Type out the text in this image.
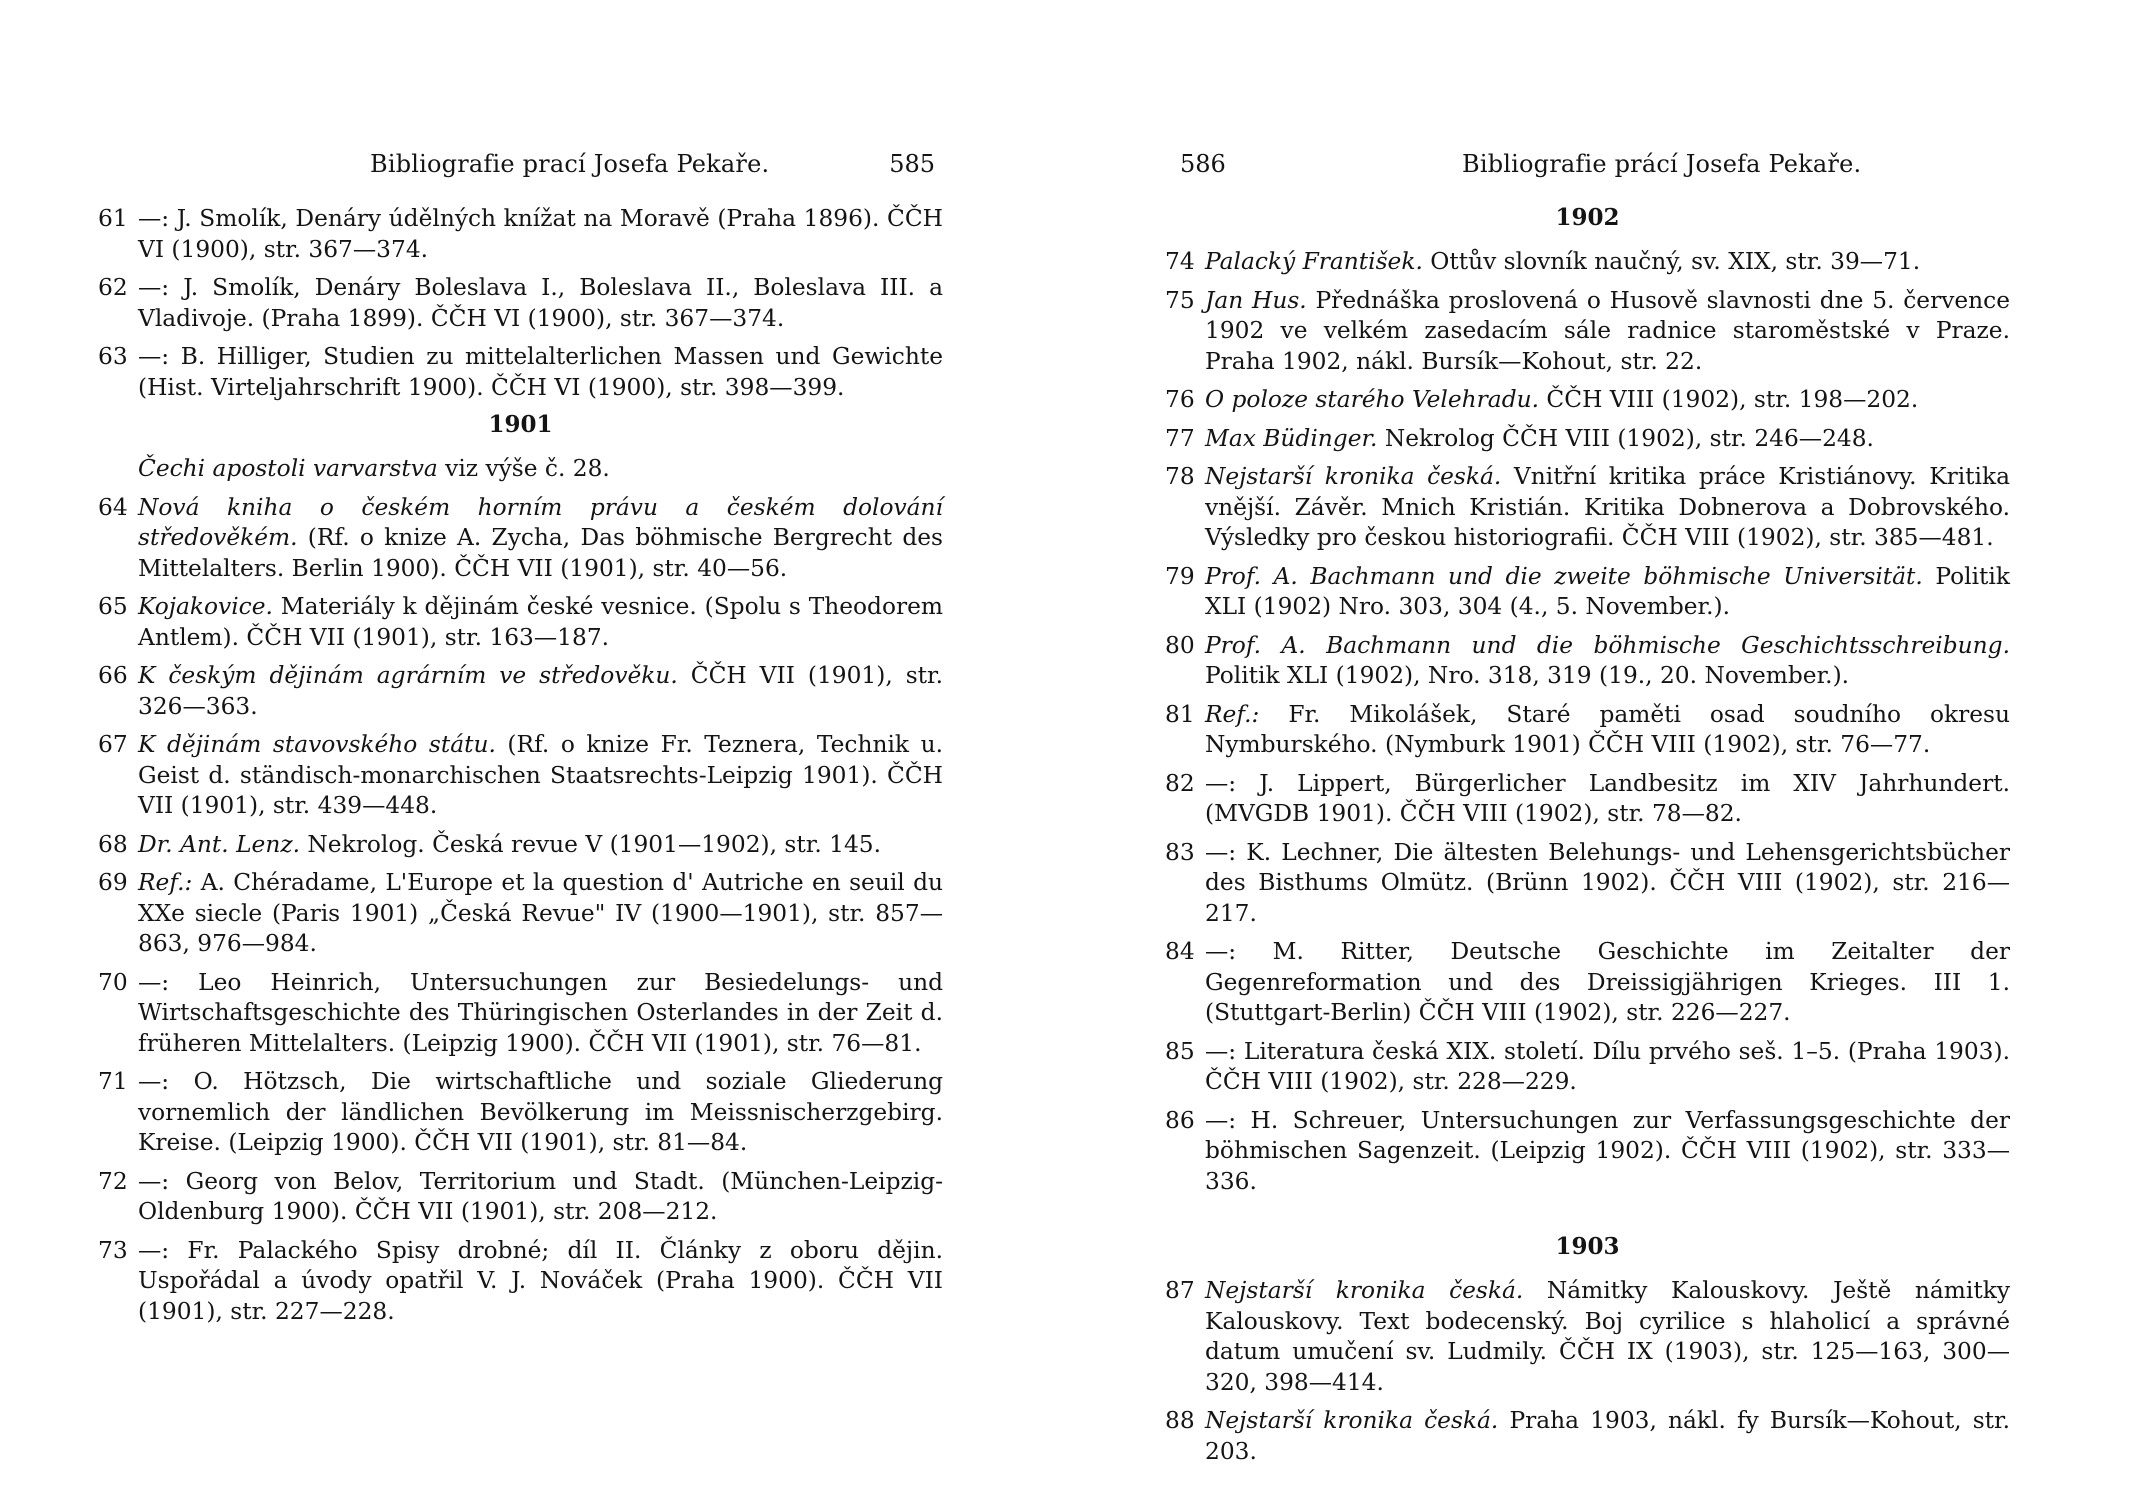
Bibliografie prací Josefa Pekaře.	585
61 —: J. Smolík, Denáry údělných knížat na Moravě (Praha 1896). ČČH VI (1900), str. 367—374.
62 —: J. Smolík, Denáry Boleslava I., Boleslava II., Boleslava III. a Vladivoje. (Praha 1899). ČČH VI (1900), str. 367—374.
63 —: B. Hilliger, Studien zu mittelalterlichen Massen und Gewichte (Hist. Virteljahrschrift 1900). ČČH VI (1900), str. 398—399.
1901
Čechi apostoli varvarstva viz výše č. 28.
64 Nová kniha o českém horním právu a českém dolování středověkém. (Rf. o knize A. Zycha, Das böhmische Bergrecht des Mittelalters. Berlin 1900). ČČH VII (1901), str. 40—56.
65 Kojakovice. Materiály k dějinám české vesnice. (Spolu s Theodorem Antlem). ČČH VII (1901), str. 163—187.
66 K českým dějinám agrárním ve středověku. ČČH VII (1901), str. 326—363.
67 K dějinám stavovského státu. (Rf. o knize Fr. Teznera, Technik u. Geist d. ständisch-monarchischen Staatsrechts-Leipzig 1901). ČČH VII (1901), str. 439—448.
68 Dr. Ant. Lenz. Nekrolog. Česká revue V (1901—1902), str. 145.
69 Ref.: A. Chéradame, L'Europe et la question d' Autriche en seuil du XXe siecle (Paris 1901) „Česká Revue" IV (1900—1901), str. 857—863, 976—984.
70 —: Leo Heinrich, Untersuchungen zur Besiedelungs- und Wirtschaftsgeschichte des Thüringischen Osterlandes in der Zeit d. früheren Mittelalters. (Leipzig 1900). ČČH VII (1901), str. 76—81.
71 —: O. Hötzsch, Die wirtschaftliche und soziale Gliederung vornemlich der ländlichen Bevölkerung im Meissnischerzgebirg. Kreise. (Leipzig 1900). ČČH VII (1901), str. 81—84.
72 —: Georg von Belov, Territorium und Stadt. (München-Leipzig-Oldenburg 1900). ČČH VII (1901), str. 208—212.
73 —: Fr. Palackého Spisy drobné; díl II. Články z oboru dějin. Uspořádal a úvody opatřil V. J. Nováček (Praha 1900). ČČH VII (1901), str. 227—228.
586	Bibliografie prácí Josefa Pekaře.
1902
74 Palacký František. Ottův slovník naučný, sv. XIX, str. 39—71.
75 Jan Hus. Přednáška proslovená o Husově slavnosti dne 5. července 1902 ve velkém zasedacím sále radnice staroměstské v Praze. Praha 1902, nákl. Bursík—Kohout, str. 22.
76 O poloze starého Velehradu. ČČH VIII (1902), str. 198—202.
77 Max Büdinger. Nekrolog ČČH VIII (1902), str. 246—248.
78 Nejstarší kronika česká. Vnitřní kritika práce Kristiánovy. Kritika vnější. Závěr. Mnich Kristián. Kritika Dobnerova a Dobrovského. Výsledky pro českou historiografii. ČČH VIII (1902), str. 385—481.
79 Prof. A. Bachmann und die zweite böhmische Universität. Politik XLI (1902) Nro. 303, 304 (4., 5. November.).
80 Prof. A. Bachmann und die böhmische Geschichtsschreibung. Politik XLI (1902), Nro. 318, 319 (19., 20. November.).
81 Ref.: Fr. Mikolášek, Staré paměti osad soudního okresu Nymburského. (Nymburk 1901) ČČH VIII (1902), str. 76—77.
82 —: J. Lippert, Bürgerlicher Landbesitz im XIV Jahrhundert. (MVGDB 1901). ČČH VIII (1902), str. 78—82.
83 —: K. Lechner, Die ältesten Belehungs- und Lehensgerichtsbücher des Bisthums Olmütz. (Brünn 1902). ČČH VIII (1902), str. 216—217.
84 —: M. Ritter, Deutsche Geschichte im Zeitalter der Gegenreformation und des Dreissigjährigen Krieges. III 1. (Stuttgart-Berlin) ČČH VIII (1902), str. 226—227.
85 —: Literatura česká XIX. století. Dílu prvého seš. 1–5. (Praha 1903). ČČH VIII (1902), str. 228—229.
86 —: H. Schreuer, Untersuchungen zur Verfassungsgeschichte der böhmischen Sagenzeit. (Leipzig 1902). ČČH VIII (1902), str. 333—336.
1903
87 Nejstarší kronika česká. Námitky Kalouskovy. Ještě námitky Kalouskovy. Text bodecenský. Boj cyrilice s hlaholicí a správné datum umučení sv. Ludmily. ČČH IX (1903), str. 125—163, 300—320, 398—414.
88 Nejstarší kronika česká. Praha 1903, nákl. fy Bursík—Kohout, str. 203.
